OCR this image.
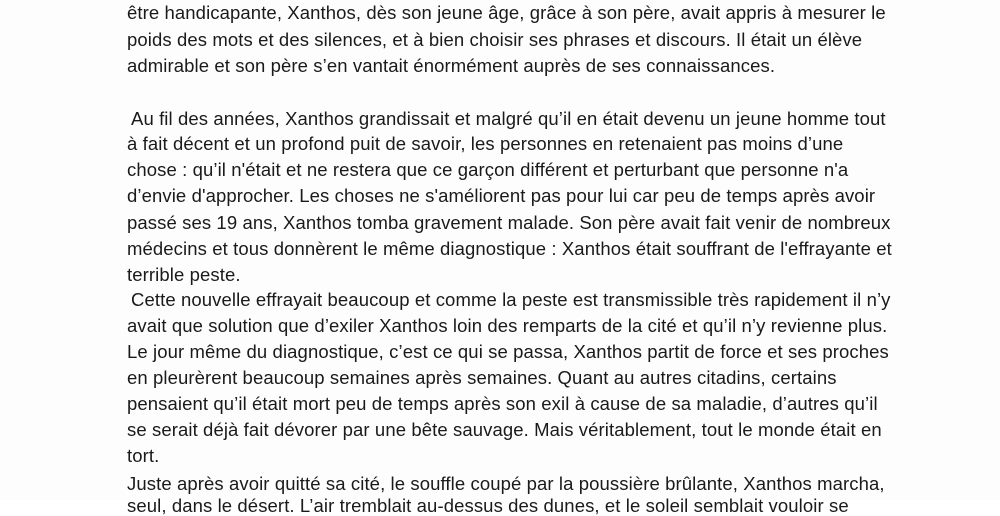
être handicapante, Xanthos, dès son jeune âge, grâce à son père, avait appris à mesurer le
poids des mots et des silences, et à bien choisir ses phrases et discours. Il était un élève
admirable et son père s’en vantait énormément auprès de ses connaissances.
Au fil des années, Xanthos grandissait et malgré qu’il en était devenu un jeune homme tout
à fait décent et un profond puit de savoir, les personnes en retenaient pas moins d’une
chose : qu’il n'était et ne restera que ce garçon différent et perturbant que personne n'a
d’envie d'approcher. Les choses ne s'améliorent pas pour lui car peu de temps après avoir
passé ses 19 ans, Xanthos tomba gravement malade. Son père avait fait venir de nombreux
médecins et tous donnèrent le même diagnostique : Xanthos était souffrant de l'effrayante et
terrible peste.
Cette nouvelle effrayait beaucoup et comme la peste est transmissible très rapidement il n’y
avait que solution que d’exiler Xanthos loin des remparts de la cité et qu’il n’y revienne plus.
Le jour même du diagnostique, c’est ce qui se passa, Xanthos partit de force et ses proches
en pleurèrent beaucoup semaines après semaines. Quant au autres citadins, certains
pensaient qu’il était mort peu de temps après son exil à cause de sa maladie, d’autres qu’il
se serait déjà fait dévorer par une bête sauvage. Mais véritablement, tout le monde était en
tort.
Juste après avoir quitté sa cité, le souffle coupé par la poussière brûlante, Xanthos marcha,
seul, dans le désert. L’air tremblait au-dessus des dunes, et le soleil semblait vouloir se
